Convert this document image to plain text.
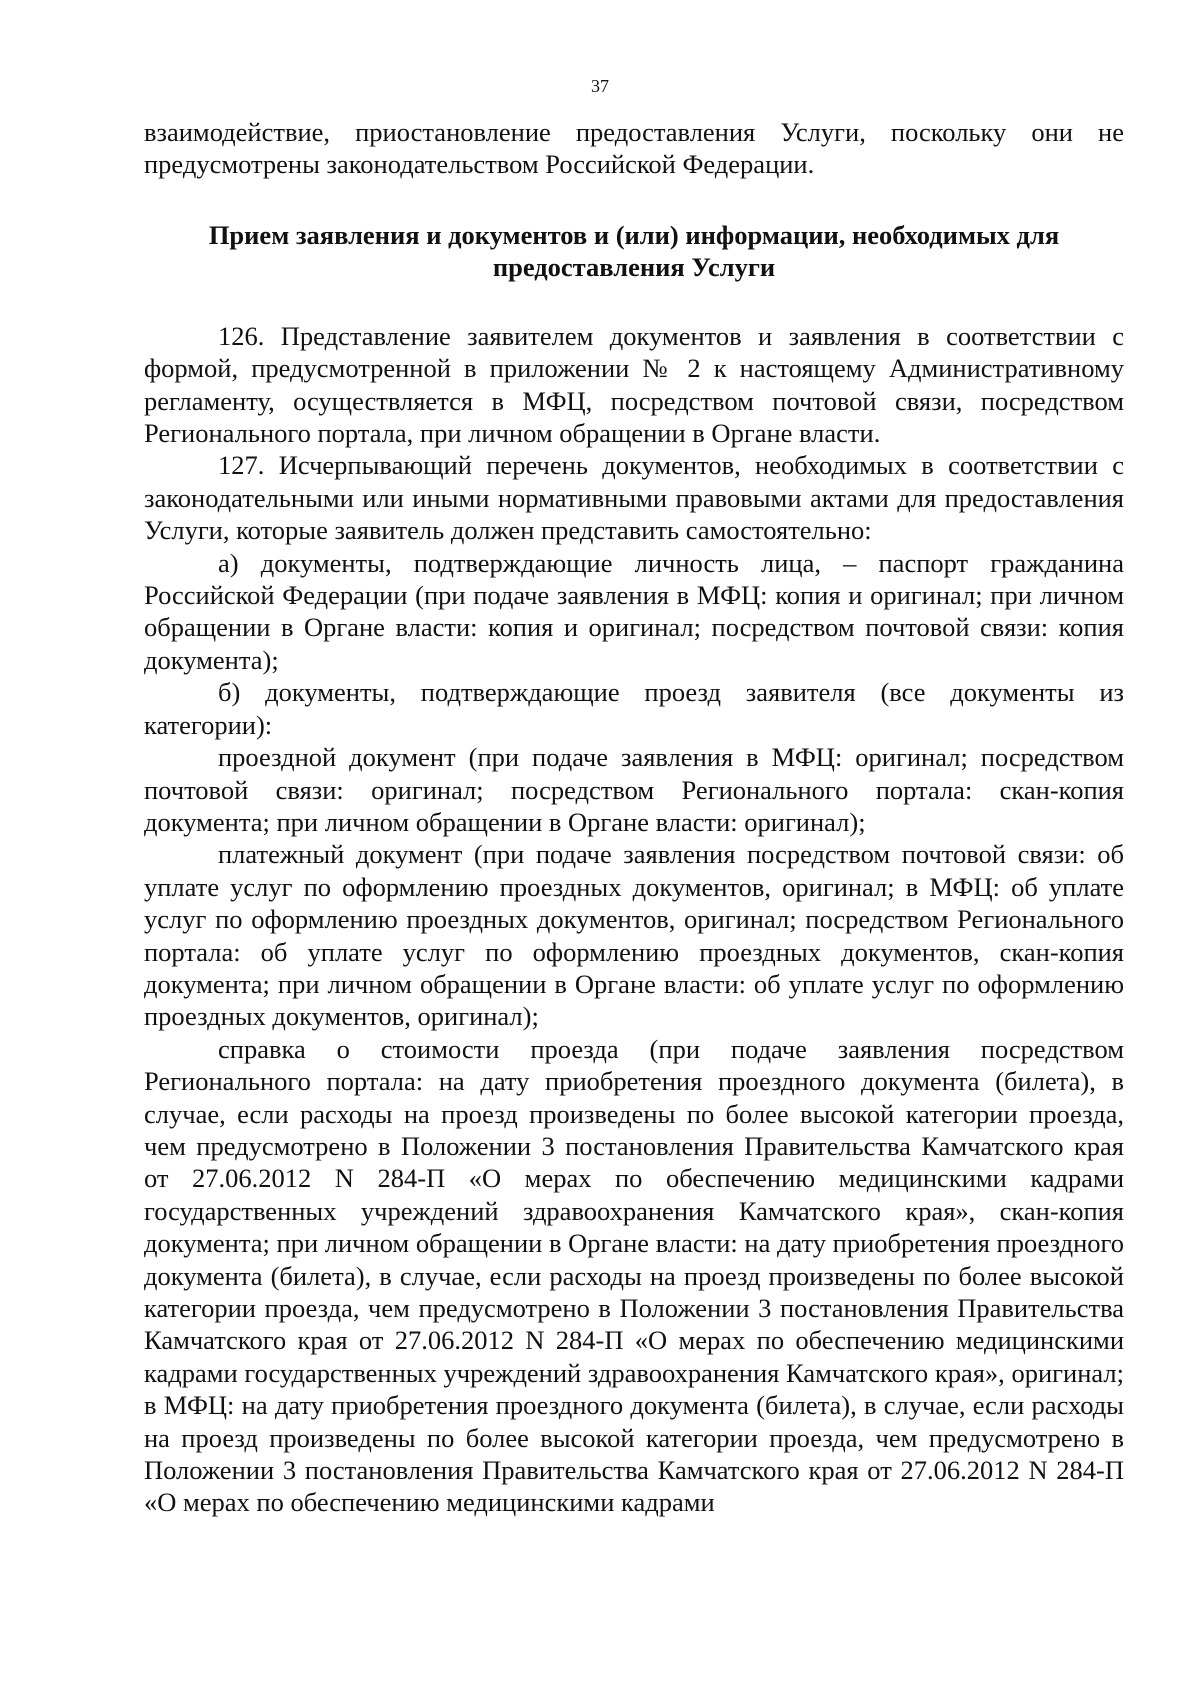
37

взаимодействие, приостановление предоставления Услуги, поскольку они не предусмотрены законодательством Российской Федерации.

Прием заявления и документов и (или) информации, необходимых для
предоставления Услуги

126. Представление заявителем документов и заявления в соответствии с формой, предусмотренной в приложении № 2 к настоящему Административному регламенту, осуществляется в МФЦ, посредством почтовой связи, посредством Регионального портала, при личном обращении в Органе власти.

127. Исчерпывающий перечень документов, необходимых в соответствии с законодательными или иными нормативными правовыми актами для предоставления Услуги, которые заявитель должен представить самостоятельно:

а) документы, подтверждающие личность лица, – паспорт гражданина Российской Федерации (при подаче заявления в МФЦ: копия и оригинал; при личном обращении в Органе власти: копия и оригинал; посредством почтовой связи: копия документа);

б) документы, подтверждающие проезд заявителя (все документы из категории):

проездной документ (при подаче заявления в МФЦ: оригинал; посредством почтовой связи: оригинал; посредством Регионального портала: скан-копия документа; при личном обращении в Органе власти: оригинал);

платежный документ (при подаче заявления посредством почтовой связи: об уплате услуг по оформлению проездных документов, оригинал; в МФЦ: об уплате услуг по оформлению проездных документов, оригинал; посредством Регионального портала: об уплате услуг по оформлению проездных документов, скан-копия документа; при личном обращении в Органе власти: об уплате услуг по оформлению проездных документов, оригинал);

справка о стоимости проезда (при подаче заявления посредством Регионального портала: на дату приобретения проездного документа (билета), в случае, если расходы на проезд произведены по более высокой категории проезда, чем предусмотрено в Положении 3 постановления Правительства Камчатского края от 27.06.2012 N 284-П «О мерах по обеспечению медицинскими кадрами государственных учреждений здравоохранения Камчатского края», скан-копия документа; при личном обращении в Органе власти: на дату приобретения проездного документа (билета), в случае, если расходы на проезд произведены по более высокой категории проезда, чем предусмотрено в Положении 3 постановления Правительства Камчатского края от 27.06.2012 N 284-П «О мерах по обеспечению медицинскими кадрами государственных учреждений здравоохранения Камчатского края», оригинал; в МФЦ: на дату приобретения проездного документа (билета), в случае, если расходы на проезд произведены по более высокой категории проезда, чем предусмотрено в Положении 3 постановления Правительства Камчатского края от 27.06.2012 N 284-П «О мерах по обеспечению медицинскими кадрами
